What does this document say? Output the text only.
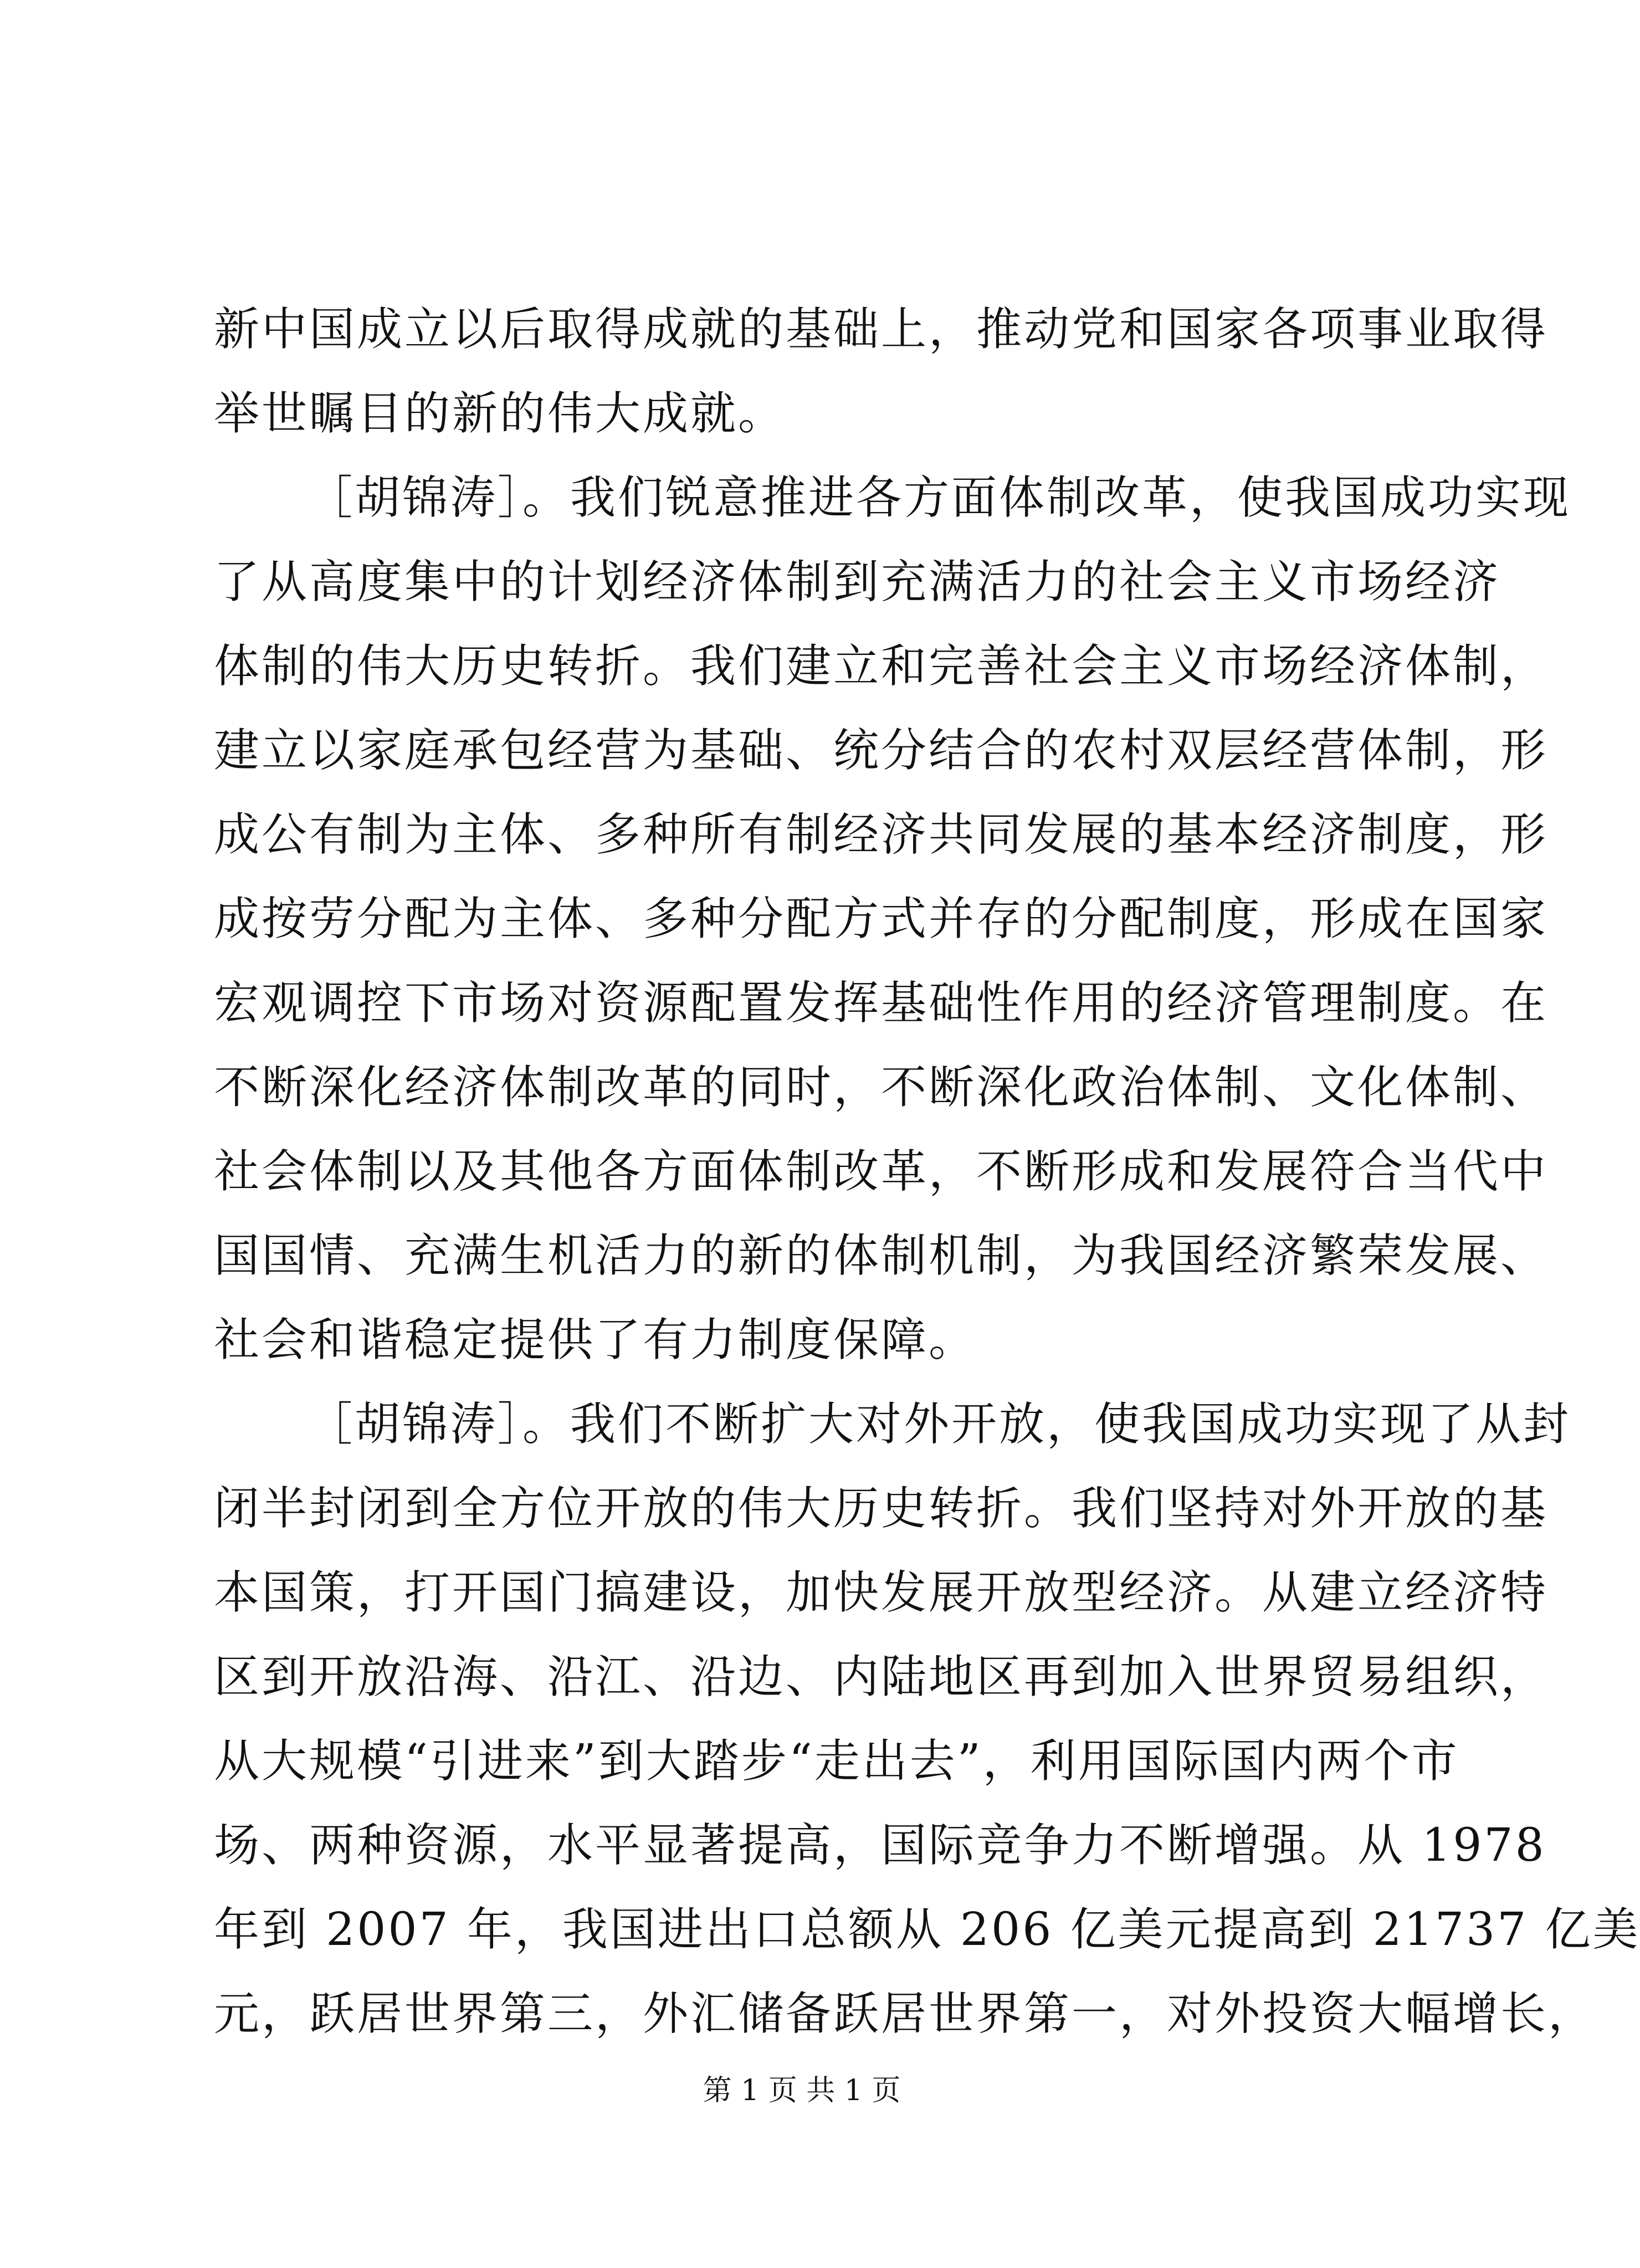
新中国成立以后取得成就的基础上，推动党和国家各项事业取得
举世瞩目的新的伟大成就。
［胡锦涛］。我们锐意推进各方面体制改革，使我国成功实现
了从高度集中的计划经济体制到充满活力的社会主义市场经济
体制的伟大历史转折。我们建立和完善社会主义市场经济体制，
建立以家庭承包经营为基础、统分结合的农村双层经营体制，形
成公有制为主体、多种所有制经济共同发展的基本经济制度，形
成按劳分配为主体、多种分配方式并存的分配制度，形成在国家
宏观调控下市场对资源配置发挥基础性作用的经济管理制度。在
不断深化经济体制改革的同时，不断深化政治体制、文化体制、
社会体制以及其他各方面体制改革，不断形成和发展符合当代中
国国情、充满生机活力的新的体制机制，为我国经济繁荣发展、
社会和谐稳定提供了有力制度保障。
［胡锦涛］。我们不断扩大对外开放，使我国成功实现了从封
闭半封闭到全方位开放的伟大历史转折。我们坚持对外开放的基
本国策，打开国门搞建设，加快发展开放型经济。从建立经济特
区到开放沿海、沿江、沿边、内陆地区再到加入世界贸易组织，
从大规模“引进来”到大踏步“走出去”，利用国际国内两个市
场、两种资源，水平显著提高，国际竞争力不断增强。从 1978
年到 2007 年，我国进出口总额从 206 亿美元提高到 21737 亿美
元，跃居世界第三，外汇储备跃居世界第一，对外投资大幅增长，
第 1 页 共 1 页
